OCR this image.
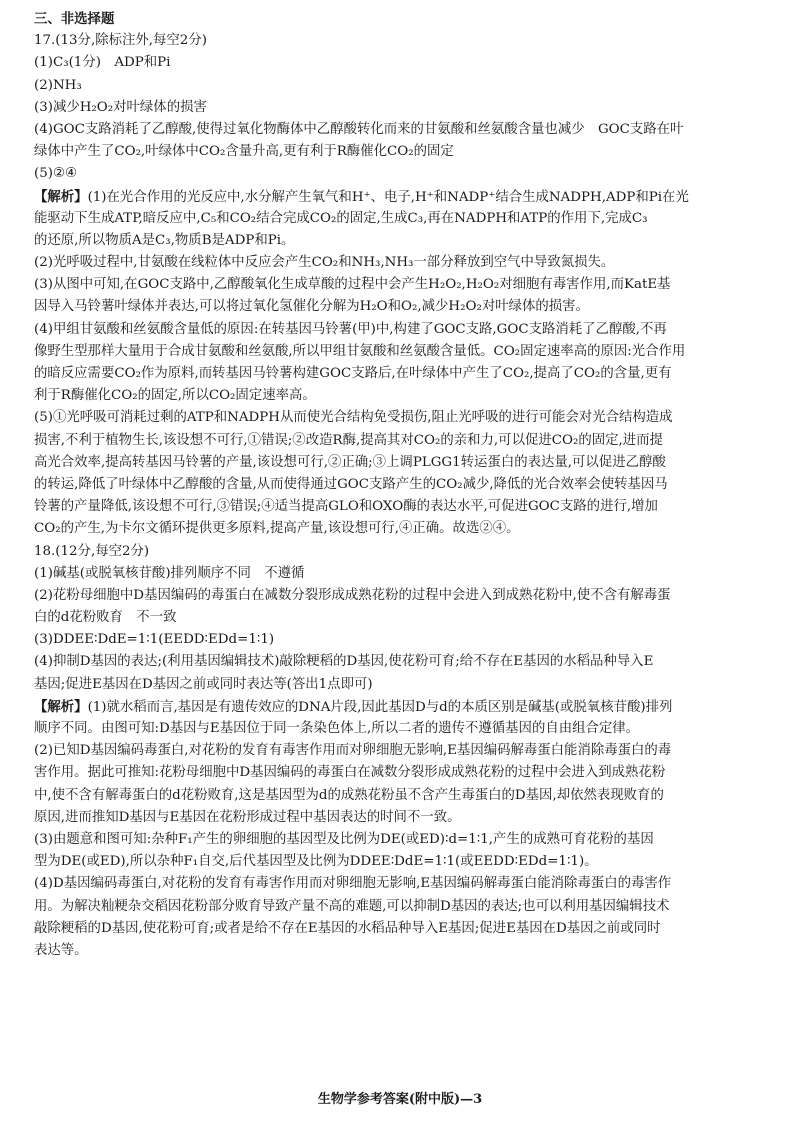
三、非选择题
17.(13分,除标注外,每空2分)
(1)C₃(1分)　ADP和Pi
(2)NH₃
(3)减少H₂O₂对叶绿体的损害
(4)GOC支路消耗了乙醇酸,使得过氧化物酶体中乙醇酸转化而来的甘氨酸和丝氨酸含量也减少　GOC支路在叶
绿体中产生了CO₂,叶绿体中CO₂含量升高,更有利于R酶催化CO₂的固定
(5)②④
【解析】(1)在光合作用的光反应中,水分解产生氧气和H⁺、电子,H⁺和NADP⁺结合生成NADPH,ADP和Pi在光
能驱动下生成ATP,暗反应中,C₅和CO₂结合完成CO₂的固定,生成C₃,再在NADPH和ATP的作用下,完成C₃
的还原,所以物质A是C₃,物质B是ADP和Pi。
(2)光呼吸过程中,甘氨酸在线粒体中反应会产生CO₂和NH₃,NH₃一部分释放到空气中导致氮损失。
(3)从图中可知,在GOC支路中,乙醇酸氧化生成草酸的过程中会产生H₂O₂,H₂O₂对细胞有毒害作用,而KatE基
因导入马铃薯叶绿体并表达,可以将过氧化氢催化分解为H₂O和O₂,减少H₂O₂对叶绿体的损害。
(4)甲组甘氨酸和丝氨酸含量低的原因:在转基因马铃薯(甲)中,构建了GOC支路,GOC支路消耗了乙醇酸,不再
像野生型那样大量用于合成甘氨酸和丝氨酸,所以甲组甘氨酸和丝氨酸含量低。CO₂固定速率高的原因:光合作用
的暗反应需要CO₂作为原料,而转基因马铃薯构建GOC支路后,在叶绿体中产生了CO₂,提高了CO₂的含量,更有
利于R酶催化CO₂的固定,所以CO₂固定速率高。
(5)①光呼吸可消耗过剩的ATP和NADPH从而使光合结构免受损伤,阻止光呼吸的进行可能会对光合结构造成
损害,不利于植物生长,该设想不可行,①错误;②改造R酶,提高其对CO₂的亲和力,可以促进CO₂的固定,进而提
高光合效率,提高转基因马铃薯的产量,该设想可行,②正确;③上调PLGG1转运蛋白的表达量,可以促进乙醇酸
的转运,降低了叶绿体中乙醇酸的含量,从而使得通过GOC支路产生的CO₂减少,降低的光合效率会使转基因马
铃薯的产量降低,该设想不可行,③错误;④适当提高GLO和OXO酶的表达水平,可促进GOC支路的进行,增加
CO₂的产生,为卡尔文循环提供更多原料,提高产量,该设想可行,④正确。故选②④。
18.(12分,每空2分)
(1)碱基(或脱氧核苷酸)排列顺序不同　不遵循
(2)花粉母细胞中D基因编码的毒蛋白在减数分裂形成成熟花粉的过程中会进入到成熟花粉中,使不含有解毒蛋
白的d花粉败育　不一致
(3)DDEE∶DdE=1∶1(EEDD∶EDd=1∶1)
(4)抑制D基因的表达;(利用基因编辑技术)敲除粳稻的D基因,使花粉可育;给不存在E基因的水稻品种导入E
基因;促进E基因在D基因之前或同时表达等(答出1点即可)
【解析】(1)就水稻而言,基因是有遗传效应的DNA片段,因此基因D与d的本质区别是碱基(或脱氧核苷酸)排列
顺序不同。由图可知:D基因与E基因位于同一条染色体上,所以二者的遗传不遵循基因的自由组合定律。
(2)已知D基因编码毒蛋白,对花粉的发育有毒害作用而对卵细胞无影响,E基因编码解毒蛋白能消除毒蛋白的毒
害作用。据此可推知:花粉母细胞中D基因编码的毒蛋白在减数分裂形成成熟花粉的过程中会进入到成熟花粉
中,使不含有解毒蛋白的d花粉败育,这是基因型为d的成熟花粉虽不含产生毒蛋白的D基因,却依然表现败育的
原因,进而推知D基因与E基因在花粉形成过程中基因表达的时间不一致。
(3)由题意和图可知:杂种F₁产生的卵细胞的基因型及比例为DE(或ED)∶d=1∶1,产生的成熟可育花粉的基因
型为DE(或ED),所以杂种F₁自交,后代基因型及比例为DDEE∶DdE=1∶1(或EEDD∶EDd=1∶1)。
(4)D基因编码毒蛋白,对花粉的发育有毒害作用而对卵细胞无影响,E基因编码解毒蛋白能消除毒蛋白的毒害作
用。为解决籼粳杂交稻因花粉部分败育导致产量不高的难题,可以抑制D基因的表达;也可以利用基因编辑技术
敲除粳稻的D基因,使花粉可育;或者是给不存在E基因的水稻品种导入E基因;促进E基因在D基因之前或同时
表达等。
生物学参考答案(附中版)—3
